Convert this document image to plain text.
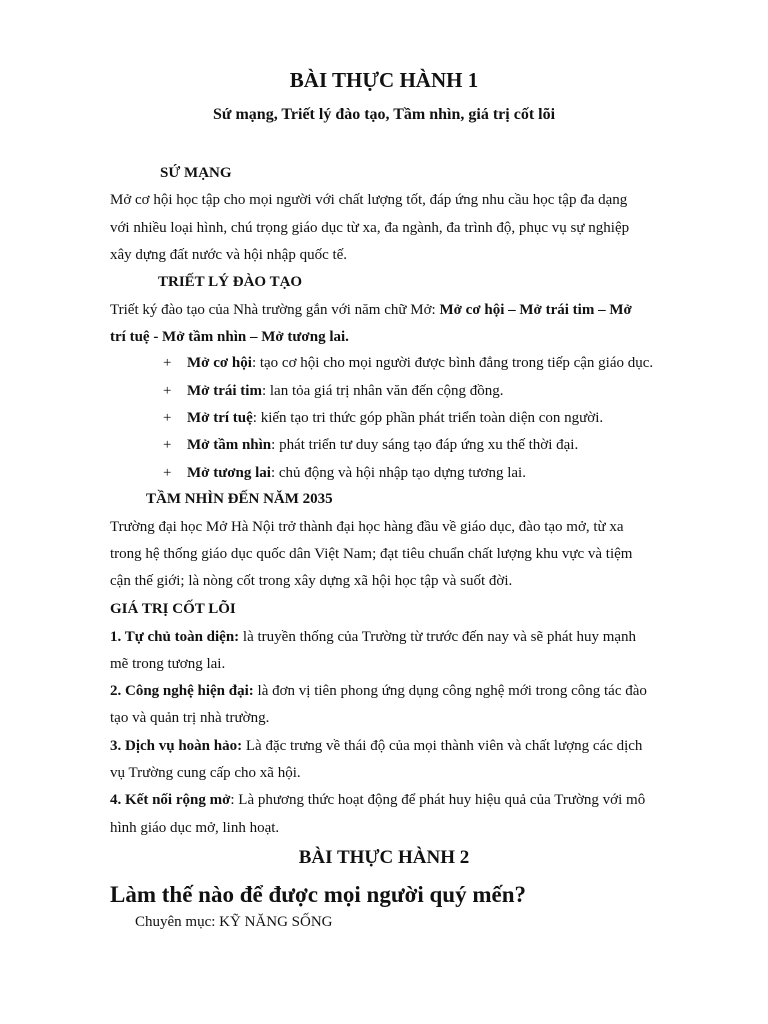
BÀI THỰC HÀNH 1
Sứ mạng, Triết lý đào tạo, Tầm nhìn, giá trị cốt lõi
SỨ MẠNG
Mở cơ hội học tập cho mọi người với chất lượng tốt, đáp ứng nhu cầu học tập đa dạng
với nhiều loại hình, chú trọng giáo dục từ xa, đa ngành, đa trình độ, phục vụ sự nghiệp
xây dựng đất nước và hội nhập quốc tế.
TRIẾT LÝ ĐÀO TẠO
Triết ký đào tạo của Nhà trường gắn với năm chữ Mở: Mở cơ hội – Mở trái tim – Mở
trí tuệ - Mở tầm nhìn – Mở tương lai.
+ Mở cơ hội: tạo cơ hội cho mọi người được bình đẳng trong tiếp cận giáo dục.
+ Mở trái tim: lan tỏa giá trị nhân văn đến cộng đồng.
+ Mở trí tuệ: kiến tạo tri thức góp phần phát triển toàn diện con người.
+ Mở tầm nhìn: phát triển tư duy sáng tạo đáp ứng xu thế thời đại.
+ Mở tương lai: chủ động và hội nhập tạo dựng tương lai.
TẦM NHÌN ĐẾN NĂM 2035
Trường đại học Mở Hà Nội trở thành đại học hàng đầu về giáo dục, đào tạo mở, từ xa
trong hệ thống giáo dục quốc dân Việt Nam; đạt tiêu chuẩn chất lượng khu vực và tiệm
cận thế giới; là nòng cốt trong xây dựng xã hội học tập và suốt đời.
GIÁ TRỊ CỐT LÕI
1. Tự chủ toàn diện: là truyền thống của Trường từ trước đến nay và sẽ phát huy mạnh
mẽ trong tương lai.
2. Công nghệ hiện đại: là đơn vị tiên phong ứng dụng công nghệ mới trong công tác đào
tạo và quản trị nhà trường.
3. Dịch vụ hoàn hảo: Là đặc trưng về thái độ của mọi thành viên và chất lượng các dịch
vụ Trường cung cấp cho xã hội.
4. Kết nối rộng mở: Là phương thức hoạt động để phát huy hiệu quả của Trường với mô
hình giáo dục mở, linh hoạt.
BÀI THỰC HÀNH 2
Làm thế nào để được mọi người quý mến?
Chuyên mục: KỸ NĂNG SỐNG
